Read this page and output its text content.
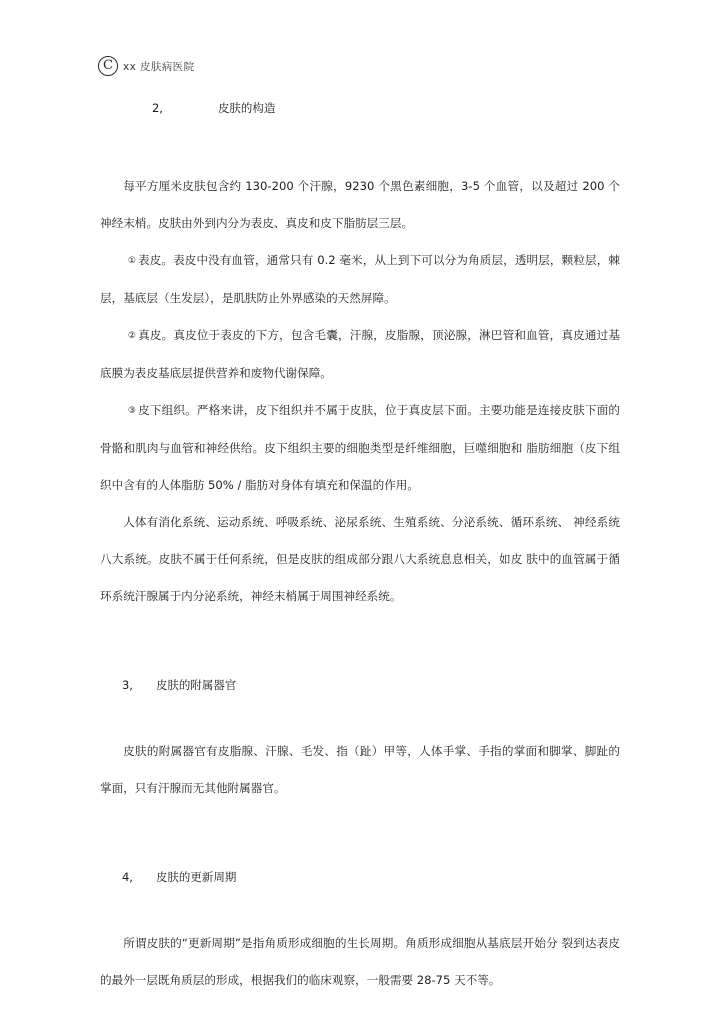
C xx 皮肤病医院

2,	皮肤的构造

每平方厘米皮肤包含约 130-200 个汗腺，9230 个黑色素细胞，3-5 个血管，以及超过 200 个神经末梢。皮肤由外到内分为表皮、真皮和皮下脂肪层三层。

① 表皮。表皮中没有血管，通常只有 0.2 毫米，从上到下可以分为角质层，透明层，颗粒层，棘层，基底层（生发层），是肌肤防止外界感染的天然屏障。

② 真皮。真皮位于表皮的下方，包含毛囊，汗腺，皮脂腺，顶泌腺，淋巴管和血管，真皮通过基底膜为表皮基底层提供营养和废物代谢保障。

③ 皮下组织。严格来讲，皮下组织并不属于皮肤，位于真皮层下面。主要功能是连接皮肤下面的骨骼和肌肉与血管和神经供给。皮下组织主要的细胞类型是纤维细胞，巨噬细胞和 脂肪细胞（皮下组织中含有的人体脂肪 50% / 脂肪对身体有填充和保温的作用。

人体有消化系统、运动系统、呼吸系统、泌尿系统、生殖系统、分泌系统、循环系统、 神经系统八大系统。皮肤不属于任何系统，但是皮肤的组成部分跟八大系统息息相关，如皮 肤中的血管属于循环系统汗腺属于内分泌系统，神经末梢属于周围神经系统。

3, 皮肤的附属器官

皮肤的附属器官有皮脂腺、汗腺、毛发、指（趾）甲等，人体手掌、手指的掌面和脚掌、脚趾的掌面，只有汗腺而无其他附属器官。

4, 皮肤的更新周期

所谓皮肤的“更新周期”是指角质形成细胞的生长周期。角质形成细胞从基底层开始分 裂到达表皮的最外一层既角质层的形成，根据我们的临床观察，一般需要 28-75 天不等。
